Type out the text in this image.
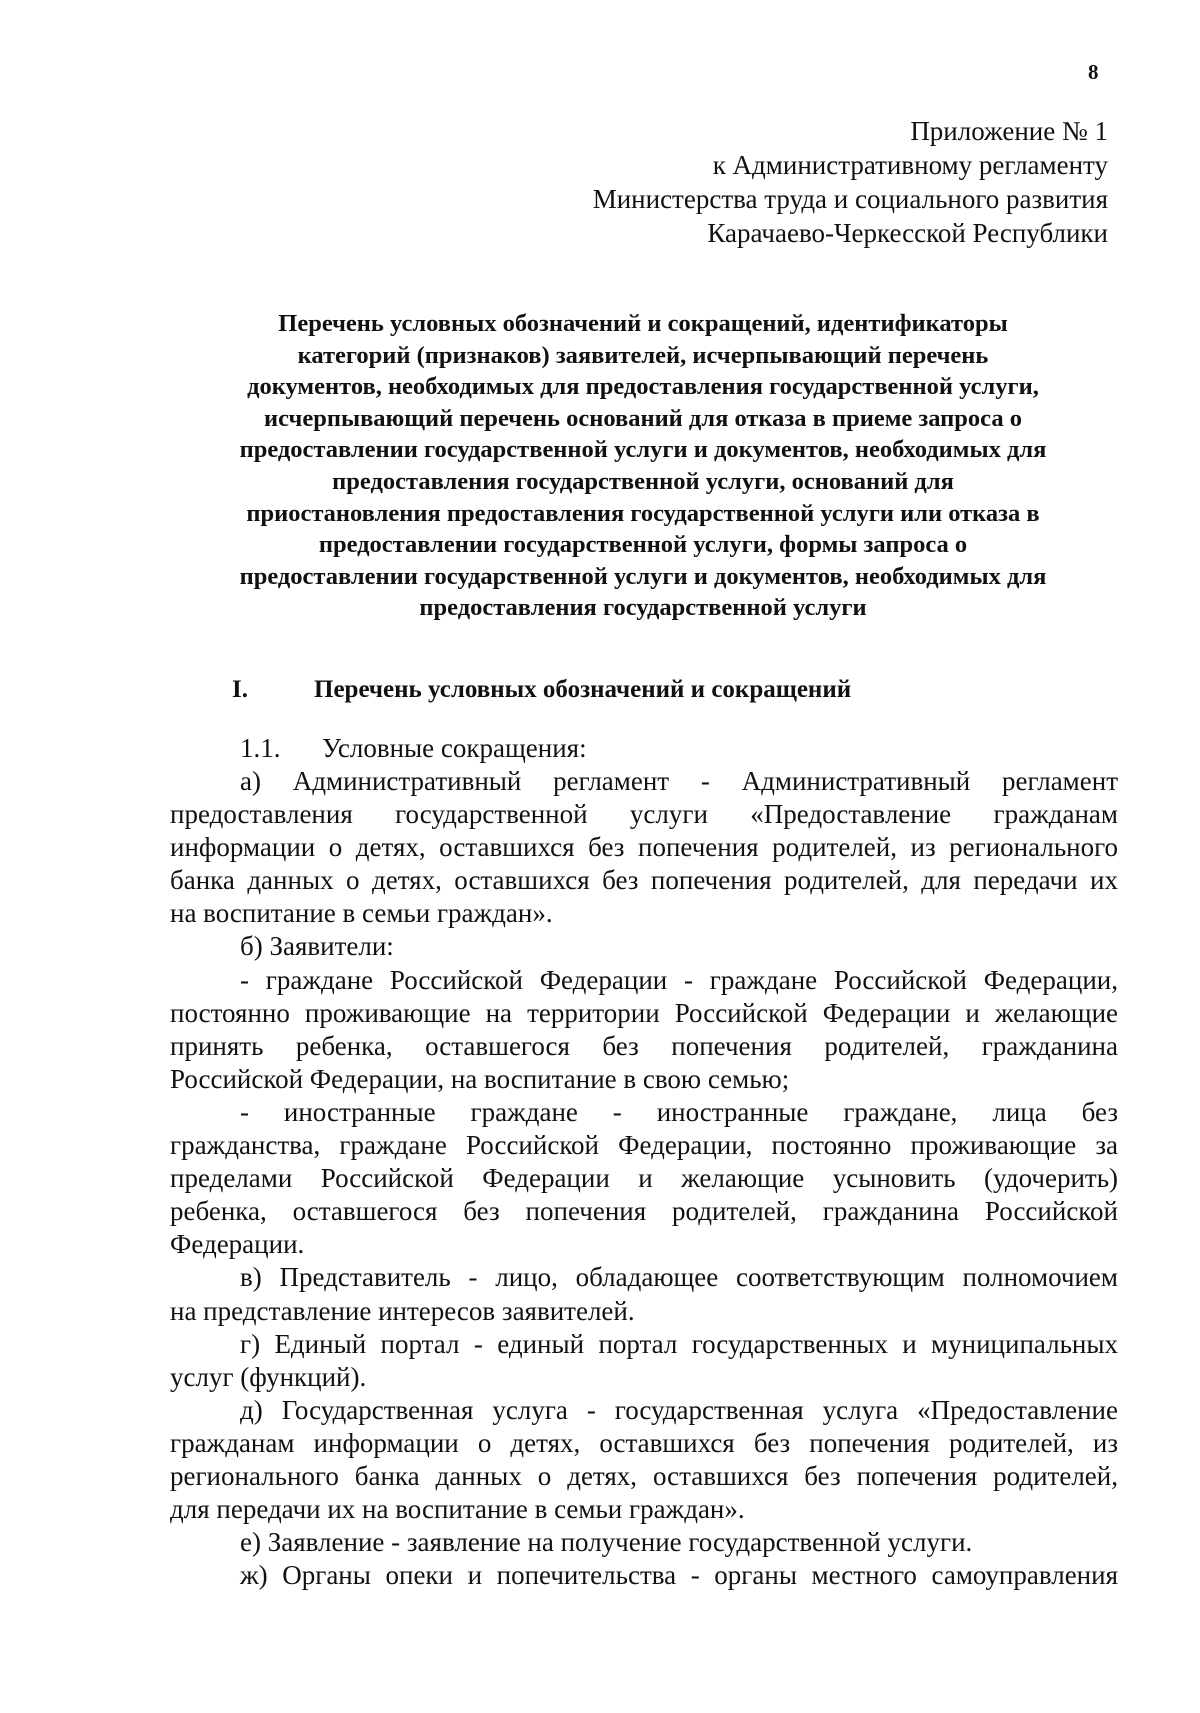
8
Приложение № 1
к Административному регламенту
Министерства труда и социального развития
Карачаево-Черкесской Республики
Перечень условных обозначений и сокращений, идентификаторы
категорий (признаков) заявителей, исчерпывающий перечень
документов, необходимых для предоставления государственной услуги,
исчерпывающий перечень оснований для отказа в приеме запроса о
предоставлении государственной услуги и документов, необходимых для
предоставления государственной услуги, оснований для
приостановления предоставления государственной услуги или отказа в
предоставлении государственной услуги, формы запроса о
предоставлении государственной услуги и документов, необходимых для
предоставления государственной услуги
I.	Перечень условных обозначений и сокращений
1.1. Условные сокращения:
а) Административный регламент - Административный регламент
предоставления государственной услуги «Предоставление гражданам
информации о детях, оставшихся без попечения родителей, из регионального
банка данных о детях, оставшихся без попечения родителей, для передачи их
на воспитание в семьи граждан».
б) Заявители:
- граждане Российской Федерации - граждане Российской Федерации,
постоянно проживающие на территории Российской Федерации и желающие
принять ребенка, оставшегося без попечения родителей, гражданина
Российской Федерации, на воспитание в свою семью;
- иностранные граждане - иностранные граждане, лица без
гражданства, граждане Российской Федерации, постоянно проживающие за
пределами Российской Федерации и желающие усыновить (удочерить)
ребенка, оставшегося без попечения родителей, гражданина Российской
Федерации.
в) Представитель - лицо, обладающее соответствующим полномочием
на представление интересов заявителей.
г) Единый портал - единый портал государственных и муниципальных
услуг (функций).
д) Государственная услуга - государственная услуга «Предоставление
гражданам информации о детях, оставшихся без попечения родителей, из
регионального банка данных о детях, оставшихся без попечения родителей,
для передачи их на воспитание в семьи граждан».
е) Заявление - заявление на получение государственной услуги.
ж) Органы опеки и попечительства - органы местного самоуправления
